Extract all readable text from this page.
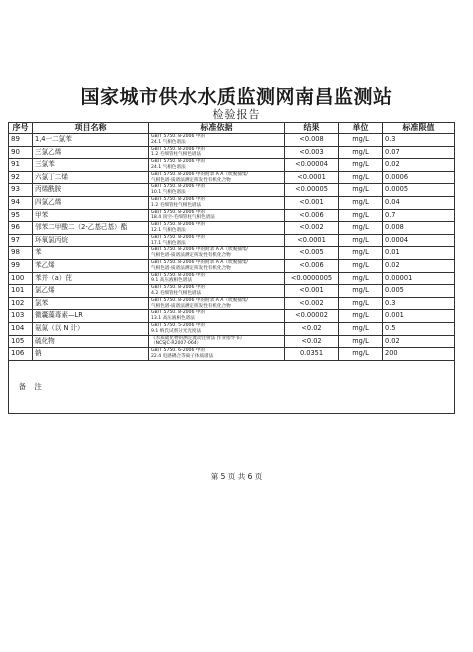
国家城市供水水质监测网南昌监测站
检验报告
序号	项目名称	标准依据	结果	单位	标准限值
89	1,4一二氯苯	GB/T 5750. 8-2006 中的
24.1 气相色谱法	<0.008	mg/L	0.3
90	三氯乙烯	GB/T 5750. 8-2006 中的
1.2 毛细管柱气相色谱法	<0.003	mg/L	0.07
91	三氯苯	GB/T 5750. 8-2006 中的
24.1 气相色谱法	<0.00004	mg/L	0.02
92	六氯丁二烯	GB/T 5750. 8-2006 中的附录 A A（吹脱捕集/
气相色谱-质谱法测定挥发性有机化合物	<0.0001	mg/L	0.0006
93	丙烯酰胺	GB/T 5750. 8-2006 中的
10.1 气相色谱法	<0.00005	mg/L	0.0005
94	四氯乙烯	GB/T 5750. 8-2006 中的
1.2 毛细管柱气相色谱法	<0.001	mg/L	0.04
95	甲苯	GB/T 5750. 8-2006 中的
18.4 顶空-毛细管柱气相色谱法	<0.006	mg/L	0.7
96	邻苯二甲酸二（2-乙基己基）酯	GB/T 5750. 8-2006 中的
12.1 气相色谱法	<0.002	mg/L	0.008
97	环氧氯丙烷	GB/T 5750. 8-2006 中的
17.1 气相色谱法	<0.0001	mg/L	0.0004
98	苯	GB/T 5750. 8-2006 中的附录 A A（吹脱捕集/
气相色谱-质谱法测定挥发性有机化合物	<0.005	mg/L	0.01
99	苯乙烯	GB/T 5750. 8-2006 中的附录 A A（吹脱捕集/
气相色谱-质谱法测定挥发性有机化合物	<0.006	mg/L	0.02
100	苯并（a）芘	GB/T 5750. 8-2006 中的
9.1 高压液相色谱法	<0.0000005	mg/L	0.00001
101	氯乙烯	GB/T 5750. 8-2006 中的
4.2 毛细管柱气相色谱法	<0.001	mg/L	0.005
102	氯苯	GB/T 5750. 8-2006 中的附录 A A（吹脱捕集/
气相色谱-质谱法测定挥发性有机化合物	<0.002	mg/L	0.3
103	微囊藻毒素—LR	GB/T 5750. 8-2006 中的
13.1 高压液相色谱法	<0.00002	mg/L	0.001
104	氨氮（以 N 计）	GB/T 5750. 5-2006 中的
9.1 纳氏试剂分光光度法	<0.02	mg/L	0.5
105	硫化物	《水质硫化物的测定流动注射法 作业指导书》
（NCSJC-R2007-064）	<0.02	mg/L	0.02
106	钠	GB/T 5750. 6-2006 中的
22.4 电感耦合等离子体质谱法	0.0351	mg/L	200

	备 注				
第 5 页 共 6 页
